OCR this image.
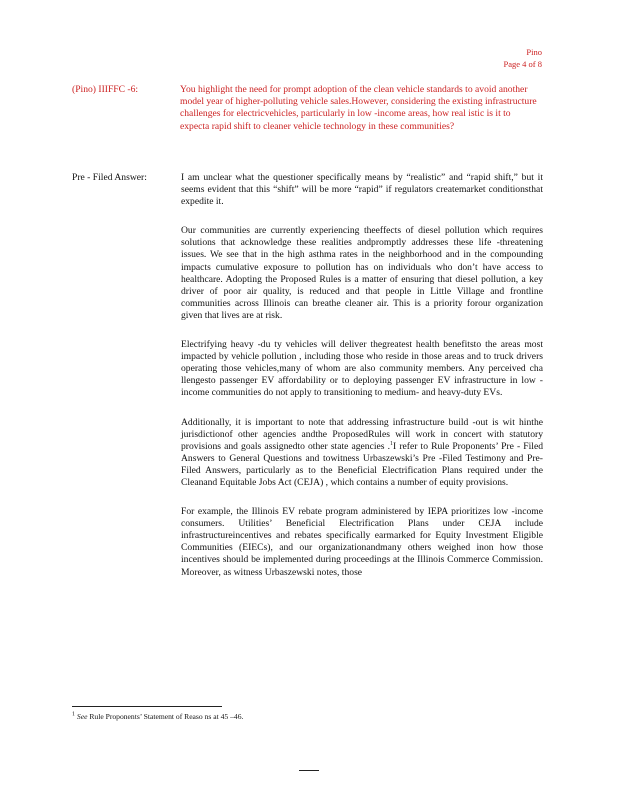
Pino
Page 4 of 8
(Pino) IIIFFC -6:	You highlight the need for prompt adoption of the clean vehicle standards to avoid another model year of higher-polluting vehicle sales.However, considering the existing infrastructure challenges for electricvehicles, particularly in low -income areas, how real istic is it to expecta rapid shift to cleaner vehicle technology in these communities?
Pre - Filed Answer:	I am unclear what the questioner specifically means by “realistic” and “rapid shift,” but it seems evident that this “shift” will be more “rapid” if regulators createmarket conditionsthat expedite it.

Our communities are currently experiencing theeffects of diesel pollution which requires solutions that acknowledge these realities andpromptly addresses these life -threatening issues. We see that in the high asthma rates in the neighborhood and in the compounding impacts cumulative exposure to pollution has on individuals who don’t have access to healthcare. Adopting the Proposed Rules is a matter of ensuring that diesel pollution, a key driver of poor air quality, is reduced and that people in Little Village and frontline communities across Illinois can breathe cleaner air. This is a priority forour organization given that lives are at risk.

Electrifying heavy -du ty vehicles will deliver thegreatest health benefitsto the areas most impacted by vehicle pollution , including those who reside in those areas and to truck drivers operating those vehicles,many of whom are also community members. Any perceived cha llengesto passenger EV affordability or to deploying passenger EV infrastructure in low -income communities do not apply to transitioning to medium- and heavy-duty EVs.

Additionally, it is important to note that addressing infrastructure build -out is wit hinthe jurisdictionof other agencies andthe ProposedRules will work in concert with statutory provisions and goals assignedto other state agencies .$^1$I refer to Rule Proponents’ Pre - Filed Answers to General Questions and towitness Urbaszewski’s Pre -Filed Testimony and Pre-Filed Answers, particularly as to the Beneficial Electrification Plans required under the Cleanand Equitable Jobs Act (CEJA) , which contains a number of equity provisions.

For example, the Illinois EV rebate program administered by IEPA prioritizes low -income consumers. Utilities’ Beneficial Electrification Plans under CEJA include infrastructureincentives and rebates specifically earmarked for Equity Investment Eligible Communities (EIECs), and our organizationandmany others weighed inon how those incentives should be implemented during proceedings at the Illinois Commerce Commission. Moreover, as witness Urbaszewski notes, those

$^1$ See Rule Proponents’ Statement of Reaso ns at 45 –46.
